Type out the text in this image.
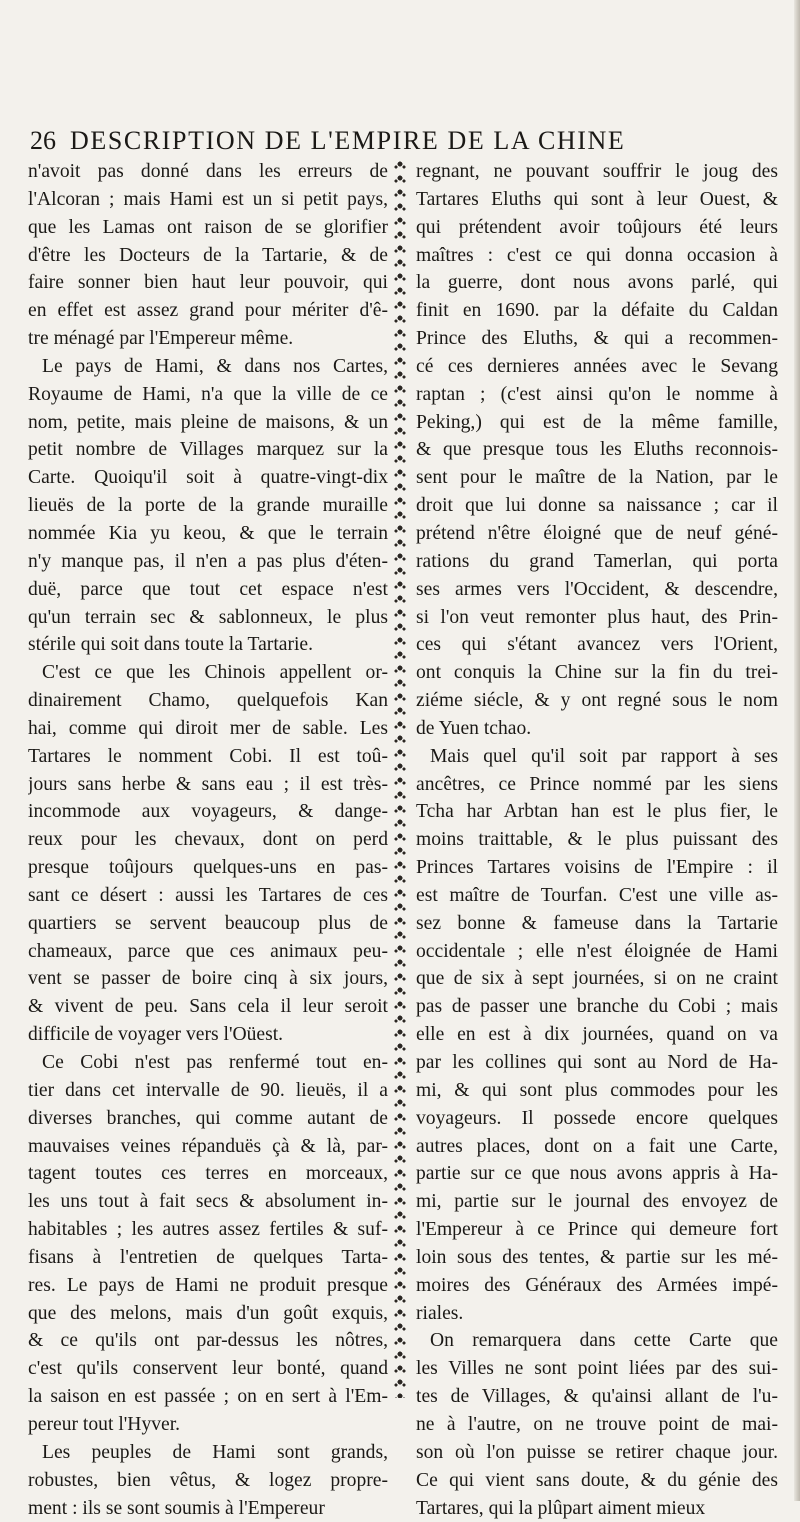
26 DESCRIPTION DE L'EMPIRE DE LA CHINE

n'avoit pas donné dans les erreurs de
l'Alcoran ; mais Hami est un si petit pays,
que les Lamas ont raison de se glorifier
d'être les Docteurs de la Tartarie, & de
faire sonner bien haut leur pouvoir, qui
en effet est assez grand pour mériter d'ê-
tre ménagé par l'Empereur même.

Le pays de Hami, & dans nos Cartes,
Royaume de Hami, n'a que la ville de ce
nom, petite, mais pleine de maisons, & un
petit nombre de Villages marquez sur la
Carte. Quoiqu'il soit à quatre-vingt-dix
lieuës de la porte de la grande muraille
nommée Kia yu keou, & que le terrain
n'y manque pas, il n'en a pas plus d'éten-
duë, parce que tout cet espace n'est
qu'un terrain sec & sablonneux, le plus
stérile qui soit dans toute la Tartarie.

C'est ce que les Chinois appellent or-
dinairement Chamo, quelquefois Kan
hai, comme qui diroit mer de sable. Les
Tartares le nomment Cobi. Il est toû-
jours sans herbe & sans eau ; il est très-
incommode aux voyageurs, & dange-
reux pour les chevaux, dont on perd
presque toûjours quelques-uns en pas-
sant ce désert : aussi les Tartares de ces
quartiers se servent beaucoup plus de
chameaux, parce que ces animaux peu-
vent se passer de boire cinq à six jours,
& vivent de peu. Sans cela il leur seroit
difficile de voyager vers l'Oüest.

Ce Cobi n'est pas renfermé tout en-
tier dans cet intervalle de 90. lieuës, il a
diverses branches, qui comme autant de
mauvaises veines répanduës çà & là, par-
tagent toutes ces terres en morceaux,
les uns tout à fait secs & absolument in-
habitables ; les autres assez fertiles & suf-
fisans à l'entretien de quelques Tarta-
res. Le pays de Hami ne produit presque
que des melons, mais d'un goût exquis,
& ce qu'ils ont par-dessus les nôtres,
c'est qu'ils conservent leur bonté, quand
la saison en est passée ; on en sert à l'Em-
pereur tout l'Hyver.

Les peuples de Hami sont grands,
robustes, bien vêtus, & logez propre-
ment : ils se sont soumis à l'Empereur

regnant, ne pouvant souffrir le joug des
Tartares Eluths qui sont à leur Ouest, &
qui prétendent avoir toûjours été leurs
maîtres : c'est ce qui donna occasion à
la guerre, dont nous avons parlé, qui
finit en 1690. par la défaite du Caldan
Prince des Eluths, & qui a recommen-
cé ces dernieres années avec le Sevang
raptan ; (c'est ainsi qu'on le nomme à
Peking,) qui est de la même famille,
& que presque tous les Eluths reconnois-
sent pour le maître de la Nation, par le
droit que lui donne sa naissance ; car il
prétend n'être éloigné que de neuf géné-
rations du grand Tamerlan, qui porta
ses armes vers l'Occident, & descendre,
si l'on veut remonter plus haut, des Prin-
ces qui s'étant avancez vers l'Orient,
ont conquis la Chine sur la fin du trei-
ziéme siécle, & y ont regné sous le nom
de Yuen tchao.

Mais quel qu'il soit par rapport à ses
ancêtres, ce Prince nommé par les siens
Tcha har Arbtan han est le plus fier, le
moins traittable, & le plus puissant des
Princes Tartares voisins de l'Empire : il
est maître de Tourfan. C'est une ville as-
sez bonne & fameuse dans la Tartarie
occidentale ; elle n'est éloignée de Hami
que de six à sept journées, si on ne craint
pas de passer une branche du Cobi ; mais
elle en est à dix journées, quand on va
par les collines qui sont au Nord de Ha-
mi, & qui sont plus commodes pour les
voyageurs. Il possede encore quelques
autres places, dont on a fait une Carte,
partie sur ce que nous avons appris à Ha-
mi, partie sur le journal des envoyez de
l'Empereur à ce Prince qui demeure fort
loin sous des tentes, & partie sur les mé-
moires des Généraux des Armées impé-
riales.

On remarquera dans cette Carte que
les Villes ne sont point liées par des sui-
tes de Villages, & qu'ainsi allant de l'u-
ne à l'autre, on ne trouve point de mai-
son où l'on puisse se retirer chaque jour.
Ce qui vient sans doute, & du génie des
Tartares, qui la plûpart aiment mieux
